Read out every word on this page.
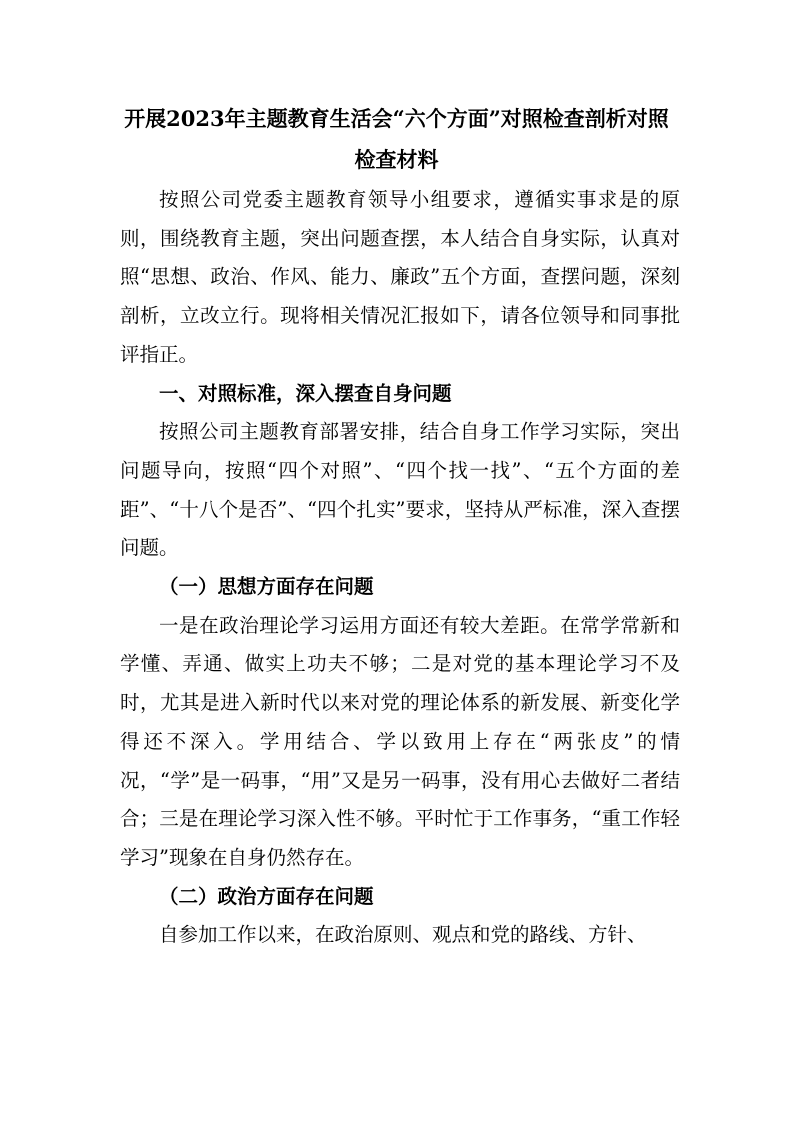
开展2023年主题教育生活会“六个方面”对照检查剖析对照检查材料

按照公司党委主题教育领导小组要求，遵循实事求是的原则，围绕教育主题，突出问题查摆，本人结合自身实际，认真对照“思想、政治、作风、能力、廉政”五个方面，查摆问题，深刻剖析，立改立行。现将相关情况汇报如下，请各位领导和同事批评指正。

一、对照标准，深入摆查自身问题

按照公司主题教育部署安排，结合自身工作学习实际，突出问题导向，按照“四个对照”、“四个找一找”、“五个方面的差距”、“十八个是否”、“四个扎实”要求，坚持从严标准，深入查摆问题。

（一）思想方面存在问题

一是在政治理论学习运用方面还有较大差距。在常学常新和学懂、弄通、做实上功夫不够；二是对党的基本理论学习不及时，尤其是进入新时代以来对党的理论体系的新发展、新变化学得还不深入。学用结合、学以致用上存在“两张皮”的情况，“学”是一码事，“用”又是另一码事，没有用心去做好二者结合；三是在理论学习深入性不够。平时忙于工作事务，“重工作轻学习”现象在自身仍然存在。

（二）政治方面存在问题

自参加工作以来，在政治原则、观点和党的路线、方针、
